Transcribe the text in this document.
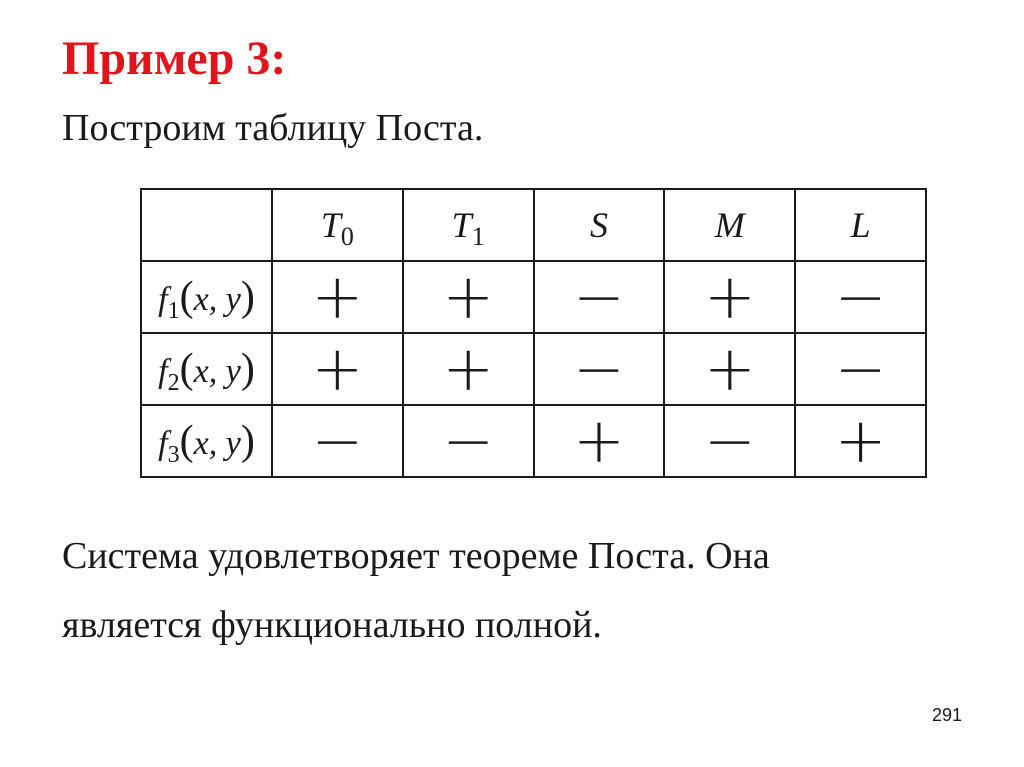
Пример 3:
Построим таблицу Поста.
	$T_0$	$T_1$	S	M	L
$f_1(x$, y)	+	+	−	+	−
$f_2(x$, y)	+	+	−	+	−
$f_3(x$, y)	−	−	+	−	+
Система удовлетворяет теореме Поста. Она
является функционально полной.
291
